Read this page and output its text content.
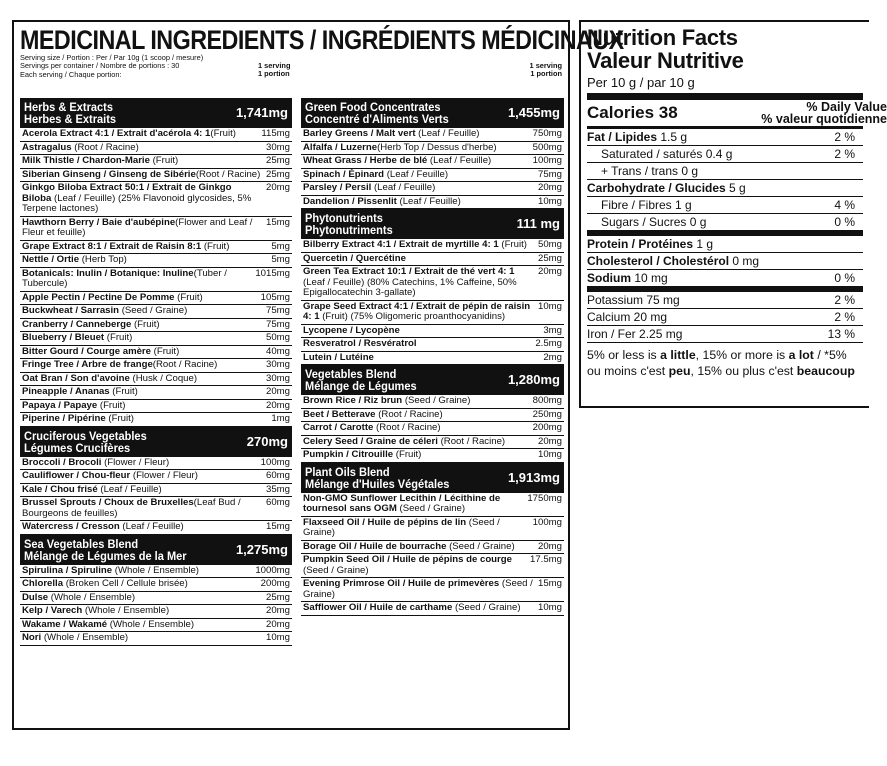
MEDICINAL INGREDIENTS / INGRÉDIENTS MÉDICINAUX
Serving size / Portion : Per / Par 10g (1 scoop / mesure)
Servings per container / Nombre de portions : 30
Each serving / Chaque portion:
1 serving
1 portion
1 serving
1 portion
Herbs & Extracts
Herbes & Extraits	1,741mg
Acerola Extract 4:1 / Extrait d'acérola 4: 1(Fruit)	115mg
Astragalus (Root / Racine)	30mg
Milk Thistle / Chardon-Marie (Fruit)	25mg
Siberian Ginseng / Ginseng de Sibérie(Root / Racine) 25mg
Ginkgo Biloba Extract 50:1 / Extrait de Ginkgo Biloba (Leaf / Feuille) (25% Flavonoid glycosides, 5% Terpene lactones)
20mg
Hawthorn Berry / Baie d'aubépine(Flower and Leaf / Fleur et feuille)
15mg
Grape Extract 8:1 / Extrait de Raisin 8:1 (Fruit)	5mg
Nettle / Ortie (Herb Top)	5mg
Botanicals: Inulin / Botanique: Inuline(Tuber / Tubercule)
1015mg
Apple Pectin / Pectine De Pomme (Fruit)	105mg
Buckwheat / Sarrasin (Seed / Graine)	75mg
Cranberry / Canneberge (Fruit)	75mg
Blueberry / Bleuet (Fruit)	50mg
Bitter Gourd / Courge amère (Fruit)	40mg
Fringe Tree / Arbre de frange(Root / Racine)	30mg
Oat Bran / Son d'avoine (Husk / Coque)	30mg
Pineapple / Ananas (Fruit)	20mg
Papaya / Papaye (Fruit)	20mg
Piperine / Pipérine (Fruit)	1mg
Cruciferous Vegetables
Légumes Crucifères	270mg
Broccoli / Brocoli (Flower / Fleur)	100mg
Cauliflower / Chou-fleur (Flower / Fleur)	60mg
Kale / Chou frisé (Leaf / Feuille)	35mg
Brussel Sprouts / Choux de Bruxelles(Leaf Bud / Bourgeons de feuilles)
60mg
Watercress / Cresson (Leaf / Feuille)	15mg
Sea Vegetables Blend
Mélange de Légumes de la Mer	1,275mg
Spirulina / Spiruline (Whole / Ensemble)	1000mg
Chlorella (Broken Cell / Cellule brisée)	200mg
Dulse (Whole / Ensemble)	25mg
Kelp / Varech (Whole / Ensemble)	20mg
Wakame / Wakamé (Whole / Ensemble)	20mg
Nori (Whole / Ensemble)	10mg
Green Food Concentrates
Concentré d'Aliments Verts	1,455mg
Barley Greens / Malt vert (Leaf / Feuille)	750mg
Alfalfa / Luzerne(Herb Top / Dessus d'herbe)	500mg
Wheat Grass / Herbe de blé (Leaf / Feuille)	100mg
Spinach / Épinard (Leaf / Feuille)	75mg
Parsley / Persil (Leaf / Feuille)	20mg
Dandelion / Pissenlit (Leaf / Feuille)	10mg
Phytonutrients
Phytonutriments	111 mg
Bilberry Extract 4:1 / Extrait de myrtille 4: 1 (Fruit)	50mg
Quercetin / Quercétine	25mg
Green Tea Extract 10:1 / Extrait de thé vert 4: 1 (Leaf / Feuille) (80% Catechins, 1% Caffeine, 50% Epigallocatechin 3-gallate)
20mg
Grape Seed Extract 4:1 / Extrait de pépin de raisin 4: 1 (Fruit) (75% Oligomeric proanthocyanidins)
10mg
Lycopene / Lycopène	3mg
Resveratrol / Resvératrol	2.5mg
Lutein / Lutéine	2mg
Vegetables Blend
Mélange de Légumes	1,280mg
Brown Rice / Riz brun (Seed / Graine)	800mg
Beet / Betterave (Root / Racine)	250mg
Carrot / Carotte (Root / Racine)	200mg
Celery Seed / Graine de céleri (Root / Racine)	20mg
Pumpkin / Citrouille (Fruit)	10mg
Plant Oils Blend
Mélange d'Huiles Végétales	1,913mg
Non-GMO Sunflower Lecithin / Lécithine de tournesol sans OGM (Seed / Graine)
1750mg
Flaxseed Oil / Huile de pépins de lin (Seed / Graine)
100mg
Borage Oil / Huile de bourrache (Seed / Graine)	20mg
Pumpkin Seed Oil / Huile de pépins de courge (Seed / Graine)
17.5mg
Evening Primrose Oil / Huile de primevères (Seed / Graine)
15mg
Safflower Oil / Huile de carthame (Seed / Graine)	10mg
Nutrition Facts
Valeur Nutritive
Per 10 g / par 10 g
Calories 38	% Daily Value
% valeur quotidienne
Fat / Lipides 1.5 g	2 %
Saturated / saturés 0.4 g	2 %
+ Trans / trans 0 g
Carbohydrate / Glucides 5 g
Fibre / Fibres 1 g	4 %
Sugars / Sucres 0 g	0 %
Protein / Protéines 1 g
Cholesterol / Cholestérol 0 mg
Sodium 10 mg	0 %
Potassium 75 mg	2 %
Calcium 20 mg	2 %
Iron / Fer 2.25 mg	13 %
5% or less is a little, 15% or more is a lot / *5% ou moins c'est peu, 15% ou plus c'est beaucoup
